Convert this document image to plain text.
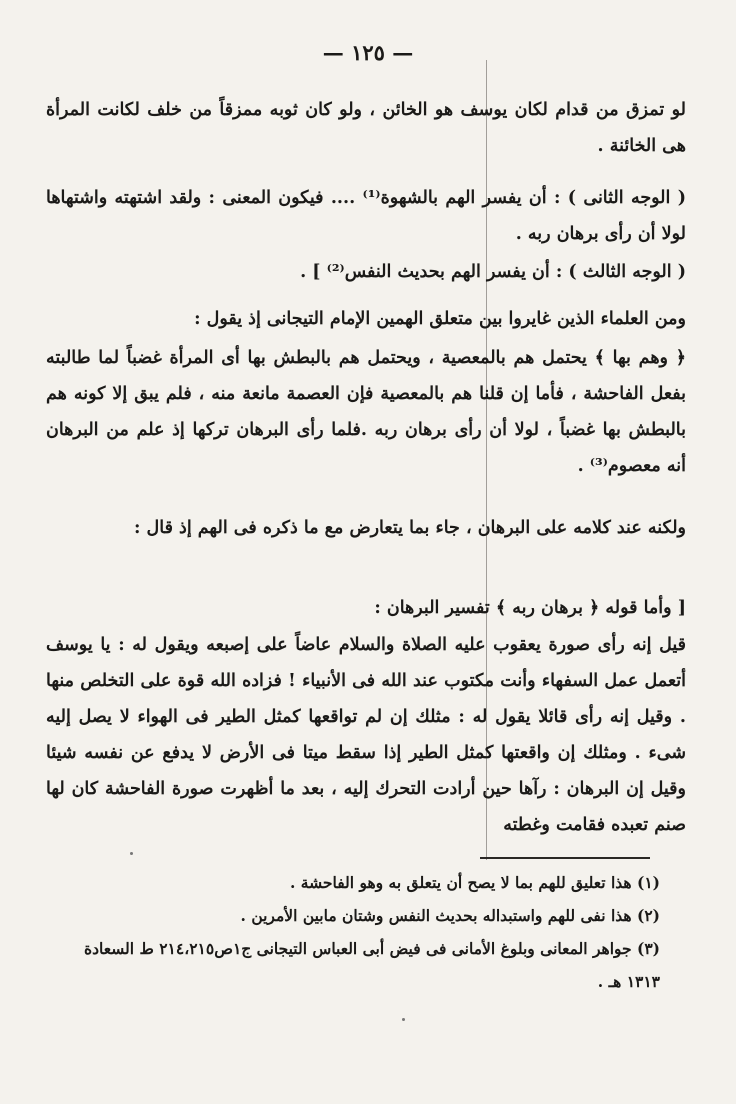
— ١٢٥ —
لو تمزق من قدام لكان يوسف هو الخائن ، ولو كان ثوبه ممزقاً من خلف لكانت المرأة هى الخائنة .
( الوجه الثانى ) : أن يفسر الهم بالشهوة⁽¹⁾ .... فيكون المعنى : ولقد اشتهته واشتهاها لولا أن رأى برهان ربه .
( الوجه الثالث ) : أن يفسر الهم بحديث النفس⁽²⁾ ] .
ومن العلماء الذين غايروا بين متعلق الهمين الإمام التيجانى إذ يقول :
﴿ وهم بها ﴾ يحتمل هم بالمعصية ، ويحتمل هم بالبطش بها أى المرأة غضباً لما طالبته بفعل الفاحشة ، فأما إن قلنا هم بالمعصية فإن العصمة مانعة منه ، فلم يبق إلا كونه هم بالبطش بها غضباً ، لولا أن رأى برهان ربه .فلما رأى البرهان تركها إذ علم من البرهان أنه معصوم⁽³⁾ .
ولكنه عند كلامه على البرهان ، جاء بما يتعارض مع ما ذكره فى الهم إذ قال :
[ وأما قوله ﴿ برهان ربه ﴾ تفسير البرهان :
قيل إنه رأى صورة يعقوب عليه الصلاة والسلام عاضاً على إصبعه ويقول له : يا يوسف أتعمل عمل السفهاء وأنت مكتوب عند الله فى الأنبياء ! فزاده الله قوة على التخلص منها . وقيل إنه رأى قائلا يقول له : مثلك إن لم تواقعها كمثل الطير فى الهواء لا يصل إليه شىء . ومثلك إن واقعتها كمثل الطير إذا سقط ميتا فى الأرض لا يدفع عن نفسه شيئا وقيل إن البرهان : رآها حين أرادت التحرك إليه ، بعد ما أظهرت صورة الفاحشة كان لها صنم تعبده فقامت وغطته
(١) هذا تعليق للهم بما لا يصح أن يتعلق به وهو الفاحشة .
(٢) هذا نفى للهم واستبداله بحديث النفس وشتان مابين الأمرين .
(٣) جواهر المعانى وبلوغ الأمانى فى فيض أبى العباس التيجانى ج١ص٢١٤،٢١٥ ط السعادة ١٣١٣ هـ .
